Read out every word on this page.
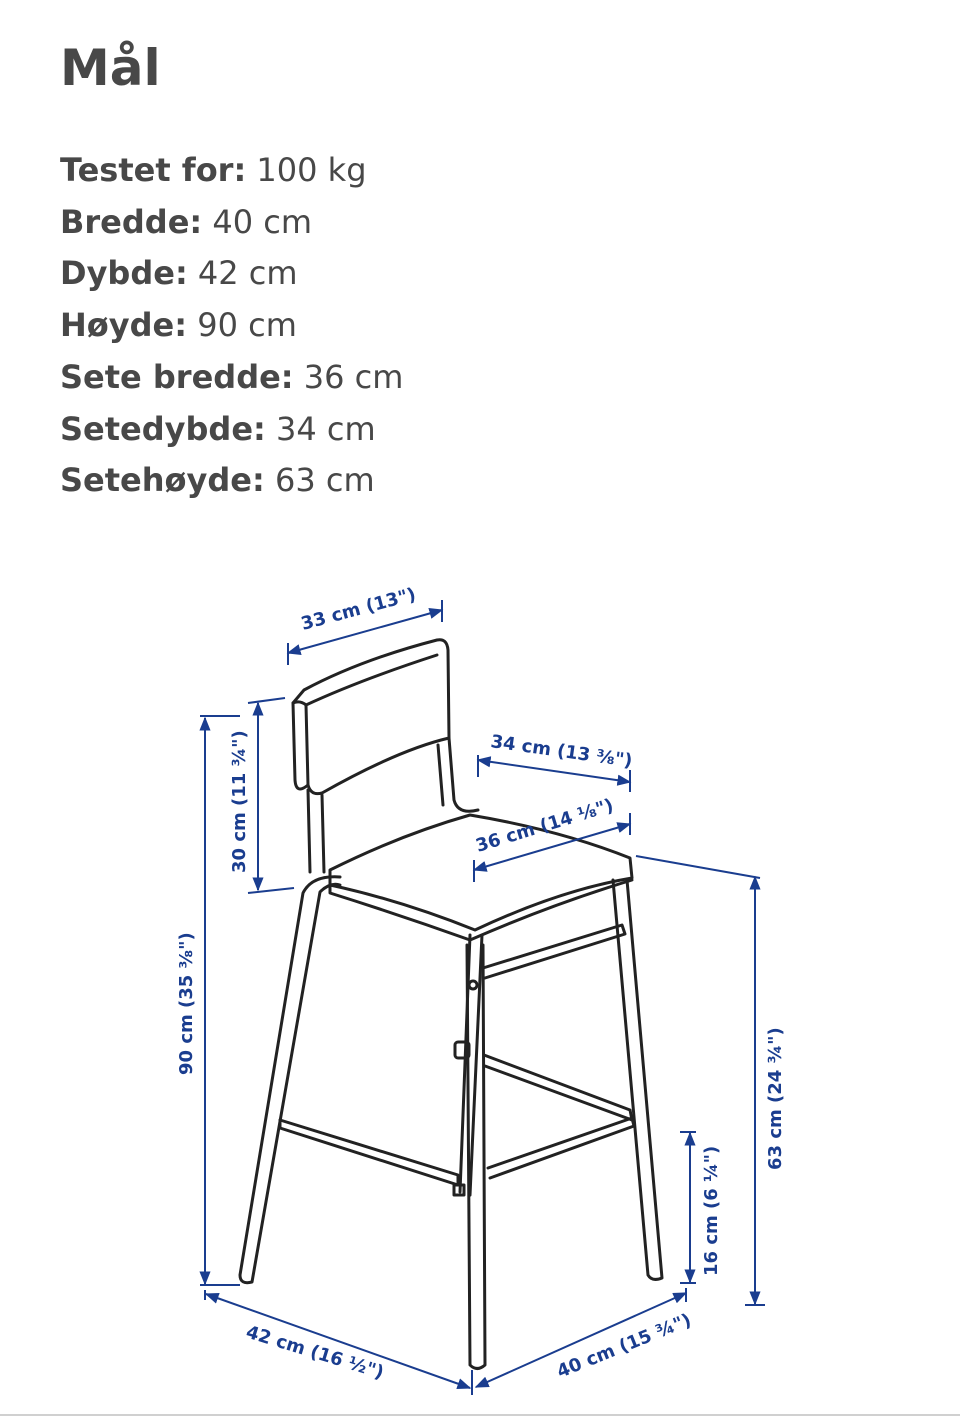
Mål
Testet for: 100 kg
Bredde: 40 cm
Dybde: 42 cm
Høyde: 90 cm
Sete bredde: 36 cm
Setedybde: 34 cm
Setehøyde: 63 cm
33 cm (13")
34 cm (13 ⅜")
36 cm (14 ⅛")
30 cm (11 ¾")
90 cm (35 ⅜")
63 cm (24 ¾")
16 cm (6 ¼")
42 cm (16 ½")	40 cm (15 ¾")
